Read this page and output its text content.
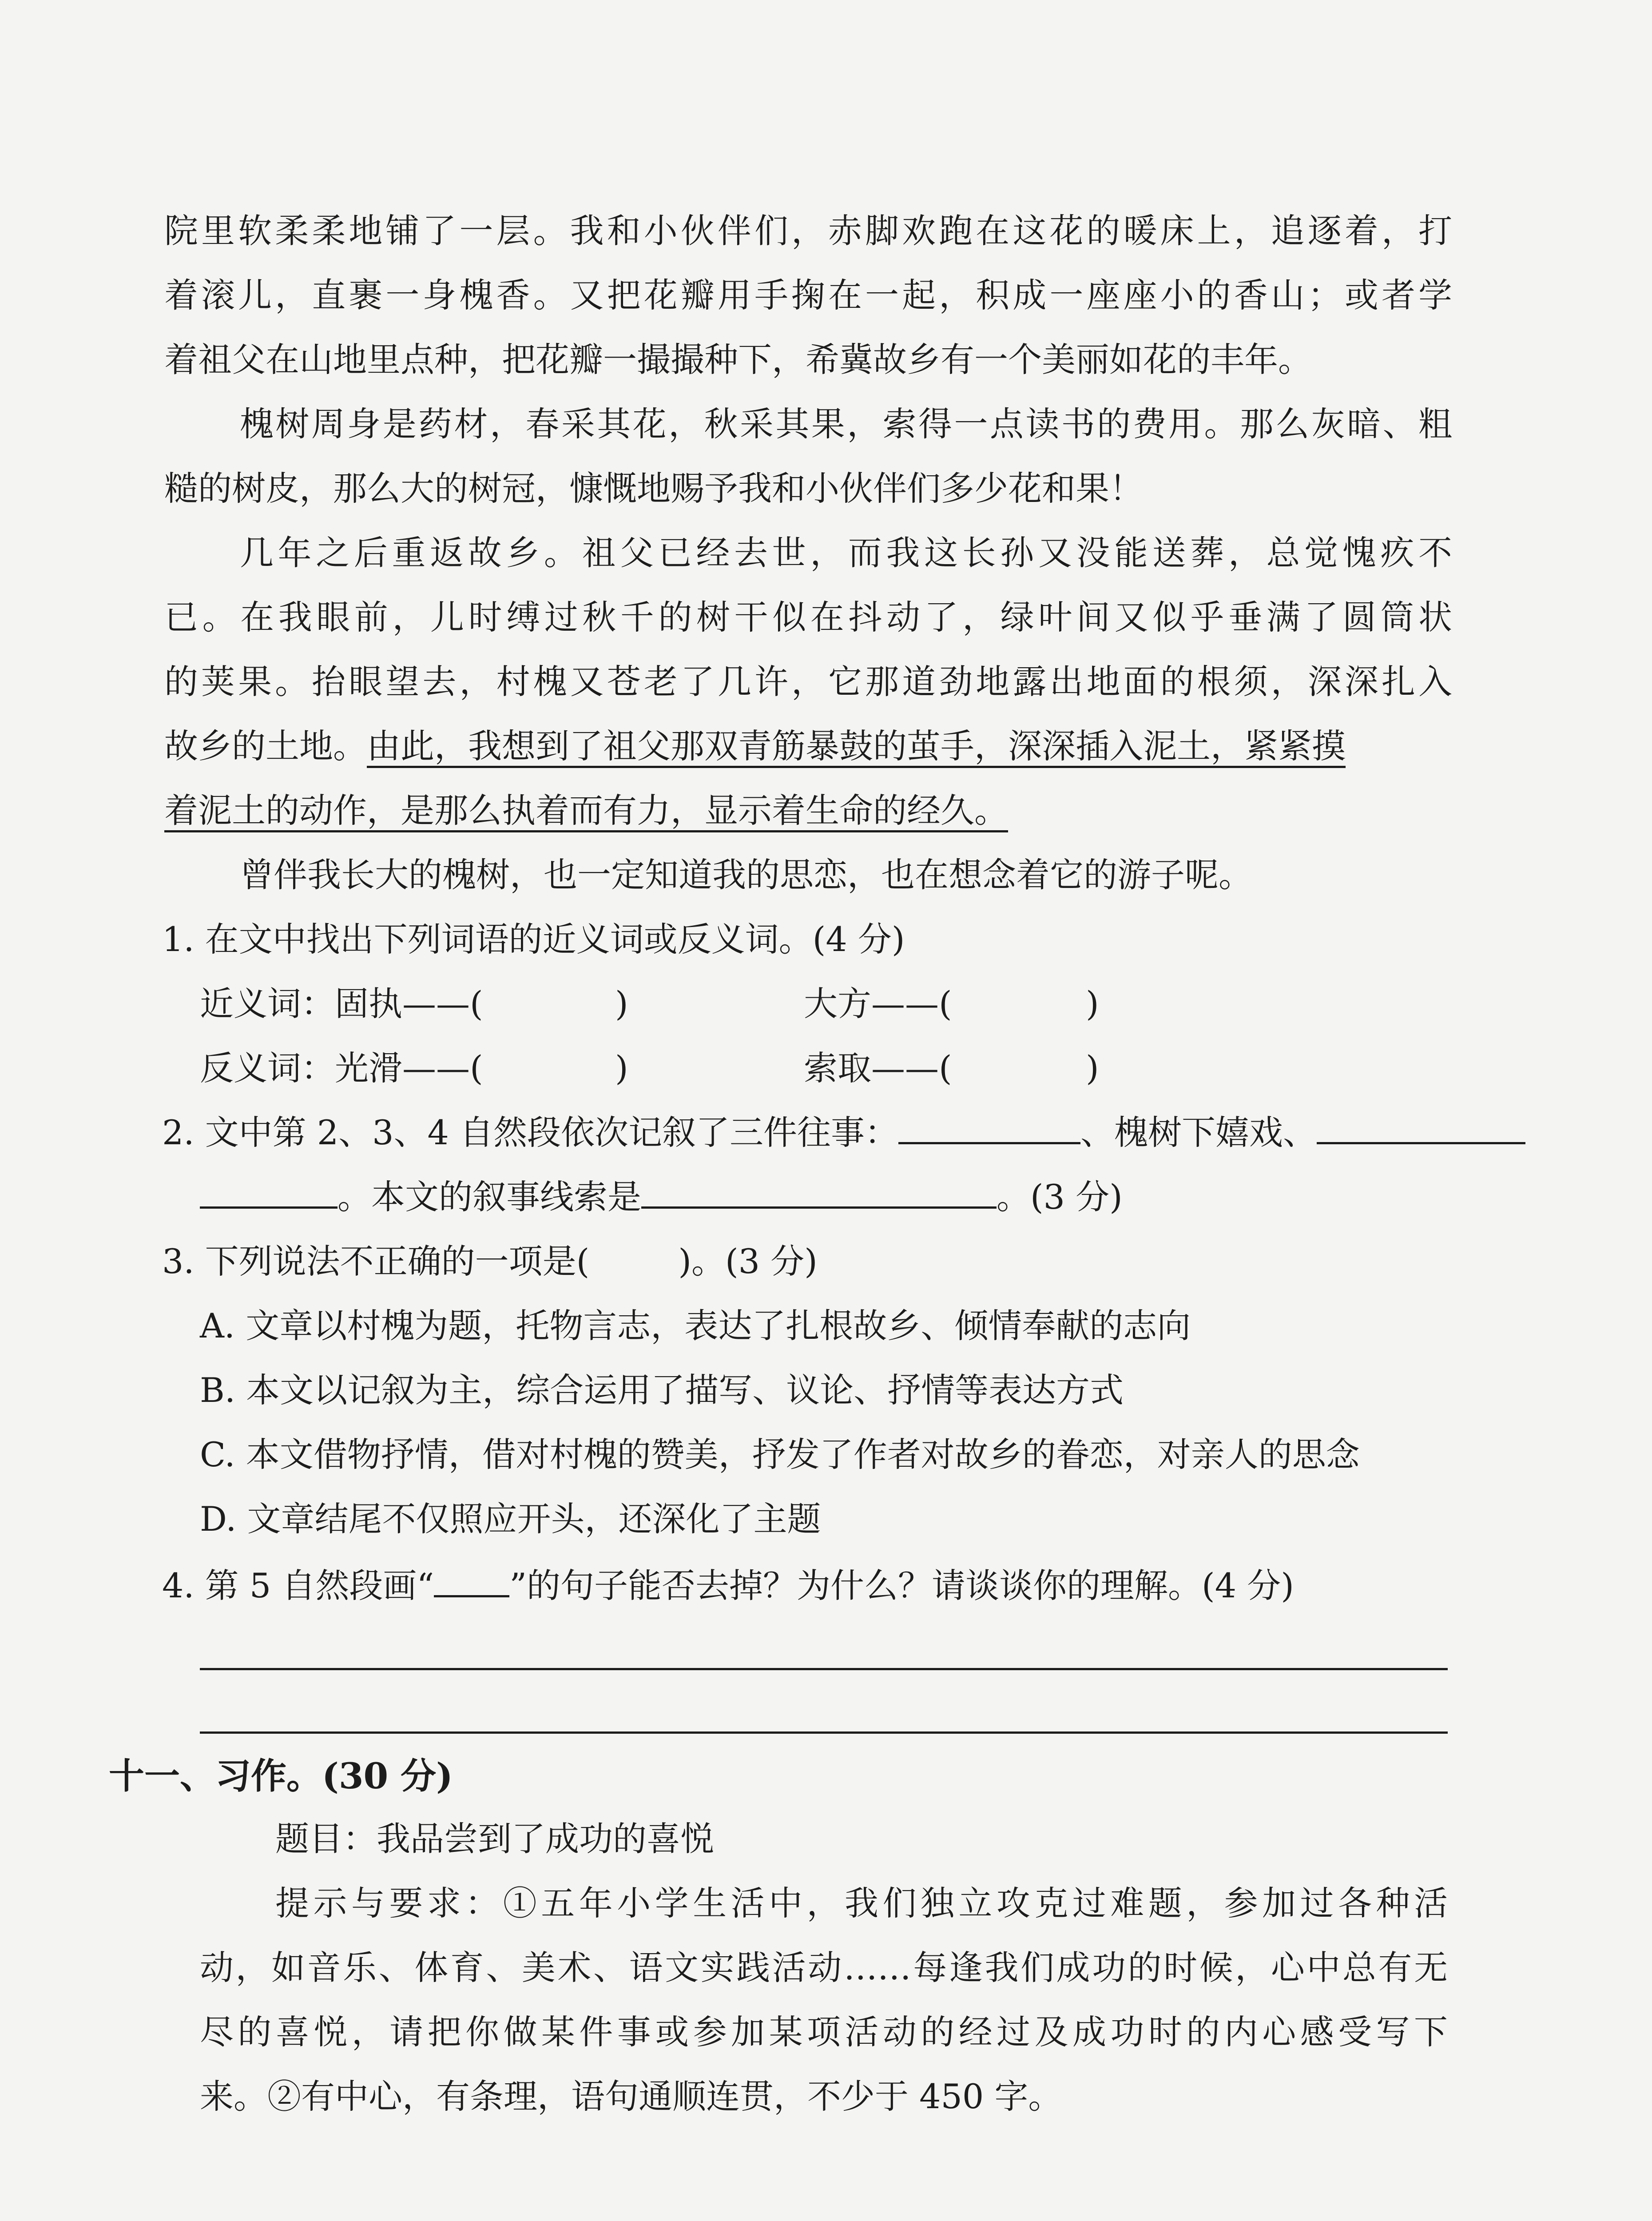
院里软柔柔地铺了一层。我和小伙伴们，赤脚欢跑在这花的暖床上，追逐着，打
着滚儿，直裹一身槐香。又把花瓣用手掬在一起，积成一座座小的香山；或者学
着祖父在山地里点种，把花瓣一撮撮种下，希冀故乡有一个美丽如花的丰年。
槐树周身是药材，春采其花，秋采其果，索得一点读书的费用。那么灰暗、粗
糙的树皮，那么大的树冠，慷慨地赐予我和小伙伴们多少花和果！
几年之后重返故乡。祖父已经去世，而我这长孙又没能送葬，总觉愧疚不
已。在我眼前，儿时缚过秋千的树干似在抖动了，绿叶间又似乎垂满了圆筒状
的荚果。抬眼望去，村槐又苍老了几许，它那道劲地露出地面的根须，深深扎入
故乡的土地。由此，我想到了祖父那双青筋暴鼓的茧手，深深插入泥土，紧紧摸
着泥土的动作，是那么执着而有力，显示着生命的经久。
曾伴我长大的槐树，也一定知道我的思恋，也在想念着它的游子呢。
1. 在文中找出下列词语的近义词或反义词。(4 分)
近义词：固执——(	)	大方——(	)
反义词：光滑——(	)	索取——(	)
2. 文中第 2、3、4 自然段依次记叙了三件往事：	、槐树下嬉戏、
。本文的叙事线索是	。(3 分)
3. 下列说法不正确的一项是(	)。(3 分)
A. 文章以村槐为题，托物言志，表达了扎根故乡、倾情奉献的志向
B. 本文以记叙为主，综合运用了描写、议论、抒情等表达方式
C. 本文借物抒情，借对村槐的赞美，抒发了作者对故乡的眷恋，对亲人的思念
D. 文章结尾不仅照应开头，还深化了主题
4. 第 5 自然段画“ ”的句子能否去掉？为什么？请谈谈你的理解。(4 分)
十一、习作。(30 分)
题目：我品尝到了成功的喜悦
提示与要求：①五年小学生活中，我们独立攻克过难题，参加过各种活
动，如音乐、体育、美术、语文实践活动……每逢我们成功的时候，心中总有无
尽的喜悦，请把你做某件事或参加某项活动的经过及成功时的内心感受写下
来。②有中心，有条理，语句通顺连贯，不少于 450 字。
